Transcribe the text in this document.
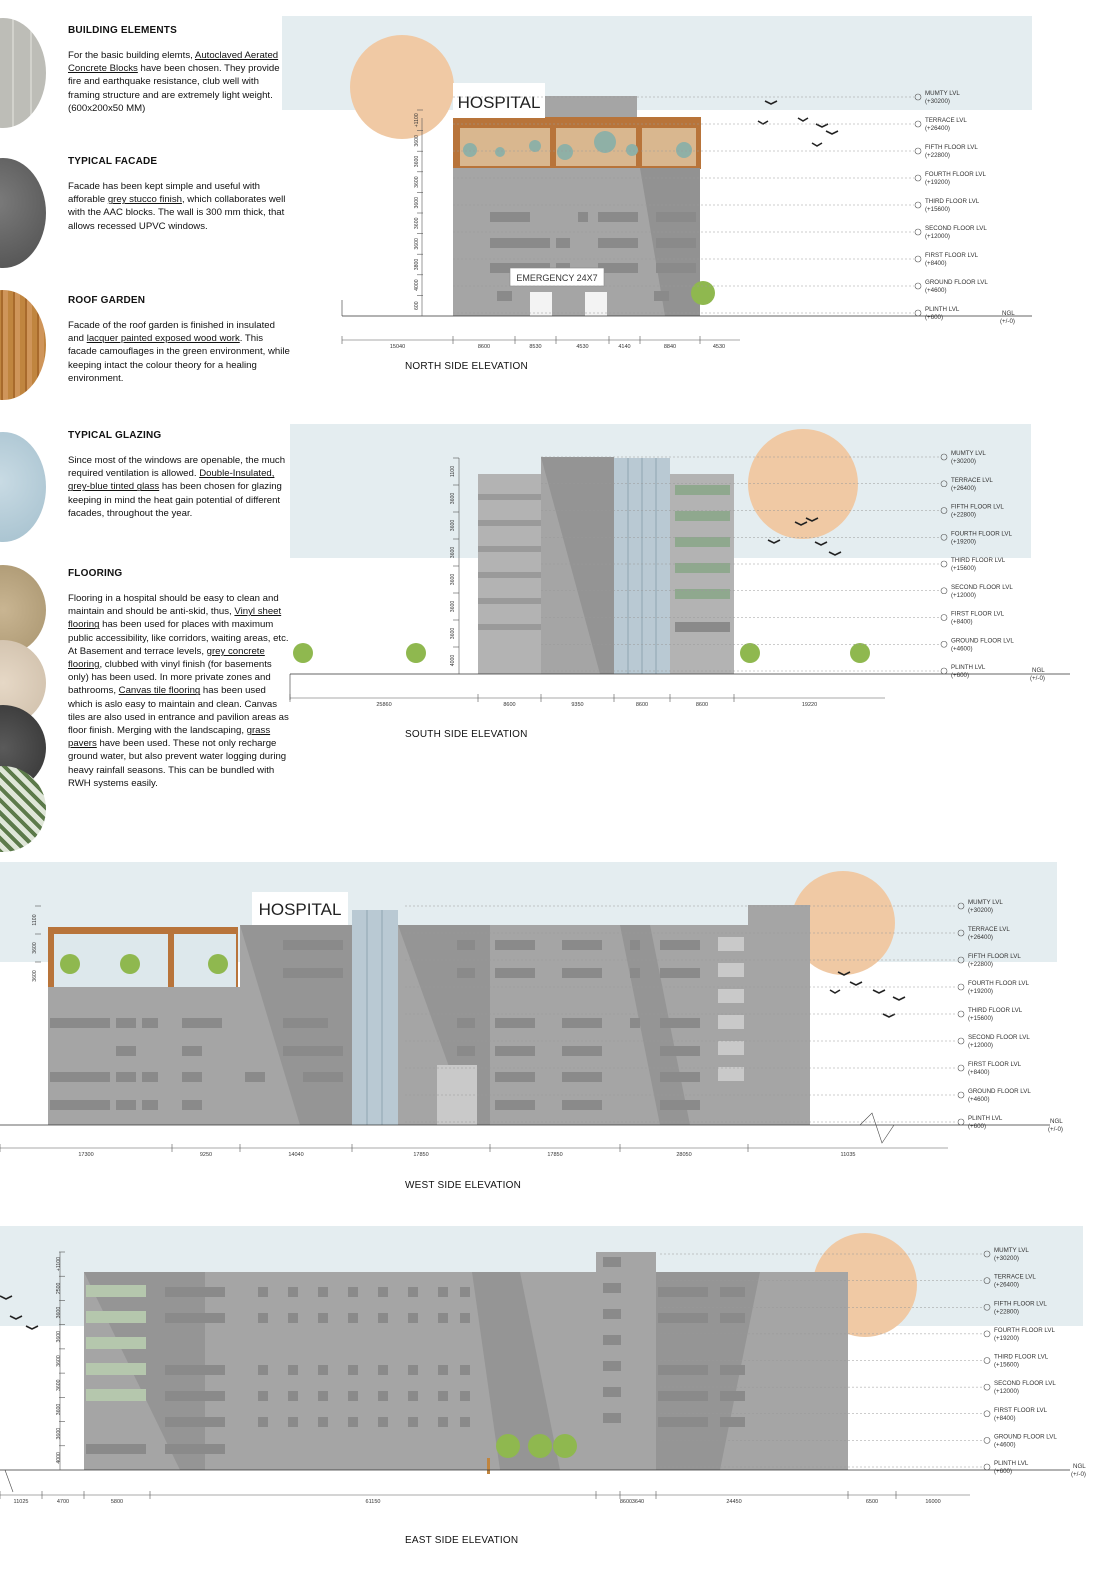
BUILDING ELEMENTS

For the basic building elemts, Autoclaved Aerated Concrete Blocks have been chosen. They provide fire and earthquake resistance, club well with framing structure and are extremely light weight. (600x200x50 MM)

TYPICAL FACADE

Facade has been kept simple and useful with afforable grey stucco finish, which collaborates well with the AAC blocks. The wall is 300 mm thick, that allows recessed UPVC windows.

ROOF GARDEN

Facade of the roof garden is finished in insulated and lacquer painted exposed wood work. This facade camouflages in the green environment, while keeping intact the colour theory for a healing environment.

TYPICAL GLAZING

Since most of the windows are openable, the much required ventilation is allowed. Double-Insulated, grey-blue tinted glass has been chosen for glazing keeping in mind the heat gain potential of different facades, throughout the year.

FLOORING

Flooring in a hospital should be easy to clean and maintain and should be anti-skid, thus, Vinyl sheet flooring has been used for places with maximum public accessibility, like corridors, waiting areas, etc. At Basement and terrace levels, grey concrete flooring, clubbed with vinyl finish (for basements only) has been used. In more private zones and bathrooms, Canvas tile flooring has been used which is aslo easy to maintain and clean. Canvas tiles are also used in entrance and pavilion areas as floor finish. Merging with the landscaping, grass pavers have been used. These not only recharge ground water, but also prevent water logging during heavy rainfall seasons. This can be bundled with RWH systems easily.

EMERGENCY 24X7
HOSPITAL	MUMTY LVL
(+30200)
TERRACE LVL
(+26400)
FIFTH FLOOR LVL
(+22800)
FOURTH FLOOR LVL
(+19200)
THIRD FLOOR LVL
(+15600)
SECOND FLOOR LVL
(+12000)
FIRST FLOOR LVL
(+8400)
GROUND FLOOR LVL
(+4600)
PLINTH LVL
(+600)
NGL
(+/-0)
15040	8600	8530	4530	4140	8840	4530
+1100
3600
3600
3600
3600
3600
3600
3800
4000
600
NORTH SIDE ELEVATION
MUMTY LVL
(+30200)
TERRACE LVL
(+26400)
FIFTH FLOOR LVL
(+22800)
FOURTH FLOOR LVL
(+19200)
THIRD FLOOR LVL
(+15600)
SECOND FLOOR LVL
(+12000)
FIRST FLOOR LVL
(+8400)
GROUND FLOOR LVL
(+4600)
PLINTH LVL
(+600)
NGL
(+/-0)
25860	8600	9350	8600	8600	19220
1100
3600
3600
3600
3600
3600
3600
4000
SOUTH SIDE ELEVATION
HOSPITAL	MUMTY LVL
(+30200)
TERRACE LVL
(+26400)
FIFTH FLOOR LVL
(+22800)
FOURTH FLOOR LVL
(+19200)
THIRD FLOOR LVL
(+15600)
SECOND FLOOR LVL
(+12000)
FIRST FLOOR LVL
(+8400)
GROUND FLOOR LVL
(+4600)
PLINTH LVL
(+600)
NGL
(+/-0)
17300	9250	14040	17850	17850	28050	11035
1100
3600
3600
WEST SIDE ELEVATION
MUMTY LVL
(+30200)
TERRACE LVL
(+26400)
FIFTH FLOOR LVL
(+22800)
FOURTH FLOOR LVL
(+19200)
THIRD FLOOR LVL
(+15600)
SECOND FLOOR LVL
(+12000)
FIRST FLOOR LVL
(+8400)
GROUND FLOOR LVL
(+4600)
PLINTH LVL
(+600)
NGL
(+/-0)
11025	4700	5800	61150	8600 3640	24450	6500	16000
+1100
2500
3600
3600
3600
3600
3600
3600
4000
EAST SIDE ELEVATION
